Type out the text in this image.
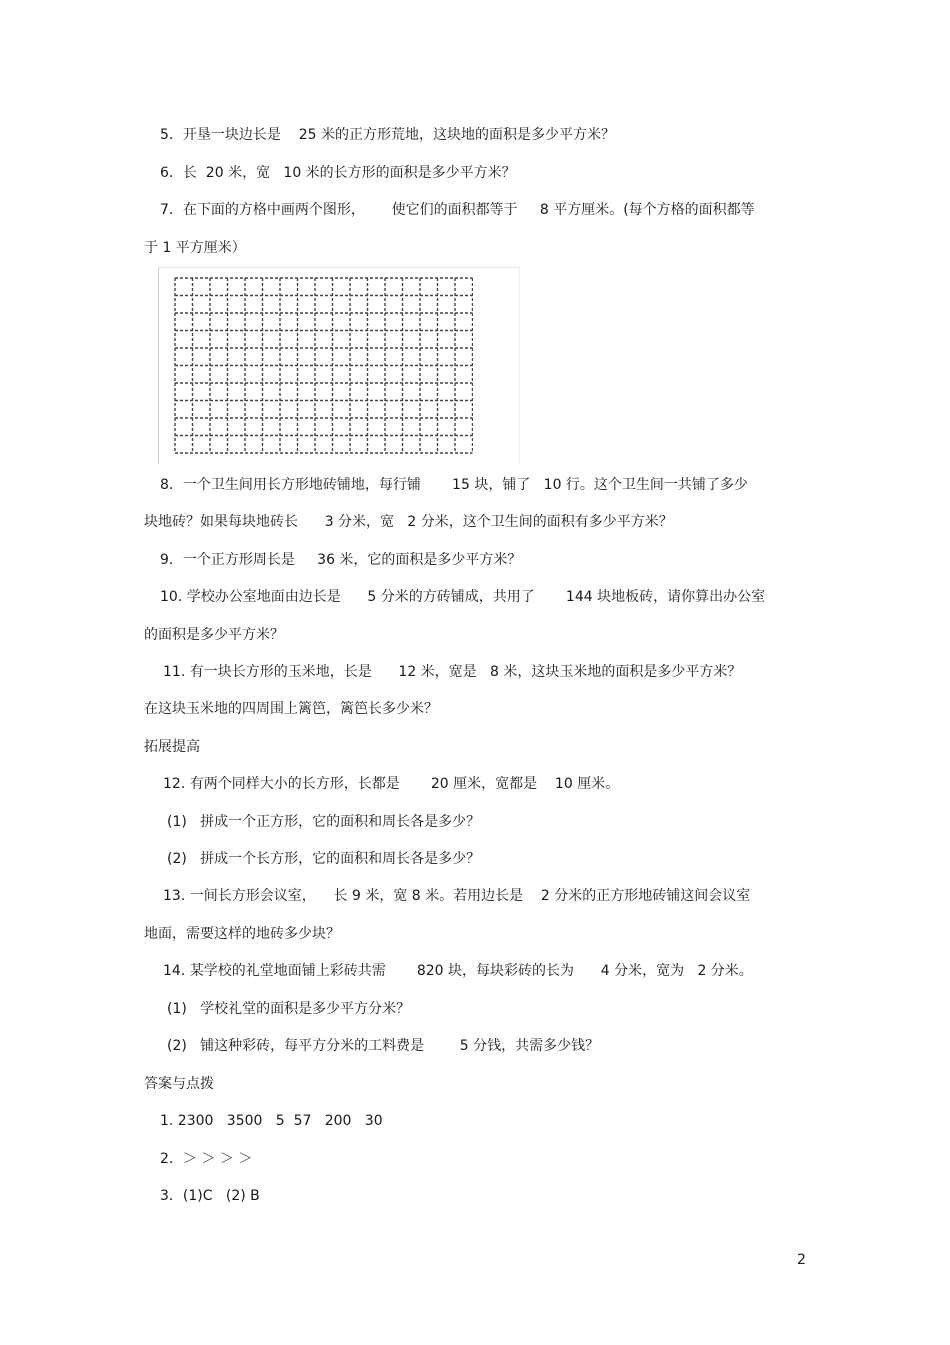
5．开垦一块边长是    25 米的正方形荒地，这块地的面积是多少平方米？
6．长  20 米，宽   10 米的长方形的面积是多少平方米？
7．在下面的方格中画两个图形，      使它们的面积都等于     8 平方厘米。(每个方格的面积都等
于 1 平方厘米）
8．一个卫生间用长方形地砖铺地，每行铺       15 块，铺了   10 行。这个卫生间一共铺了多少
块地砖？如果每块地砖长      3 分米，宽   2 分米，这个卫生间的面积有多少平方米？
9．一个正方形周长是     36 米，它的面积是多少平方米？
10. 学校办公室地面由边长是      5 分米的方砖铺成，共用了       144 块地板砖，请你算出办公室
的面积是多少平方米？
11. 有一块长方形的玉米地，长是      12 米，宽是   8 米，这块玉米地的面积是多少平方米？
在这块玉米地的四周围上篱笆，篱笆长多少米？
拓展提高
12. 有两个同样大小的长方形，长都是       20 厘米，宽都是    10 厘米。
(1)   拼成一个正方形，它的面积和周长各是多少？
(2)   拼成一个长方形，它的面积和周长各是多少？
13. 一间长方形会议室，    长 9 米，宽 8 米。若用边长是    2 分米的正方形地砖铺这间会议室
地面，需要这样的地砖多少块？
14. 某学校的礼堂地面铺上彩砖共需       820 块，每块彩砖的长为      4 分米，宽为   2 分米。
(1)   学校礼堂的面积是多少平方分米？
(2)   铺这种彩砖，每平方分米的工料费是        5 分钱，共需多少钱？
答案与点拨
1. 2300   3500   5  57   200   30
2．＞ ＞ ＞ ＞
3．(1)C   (2) B
2
